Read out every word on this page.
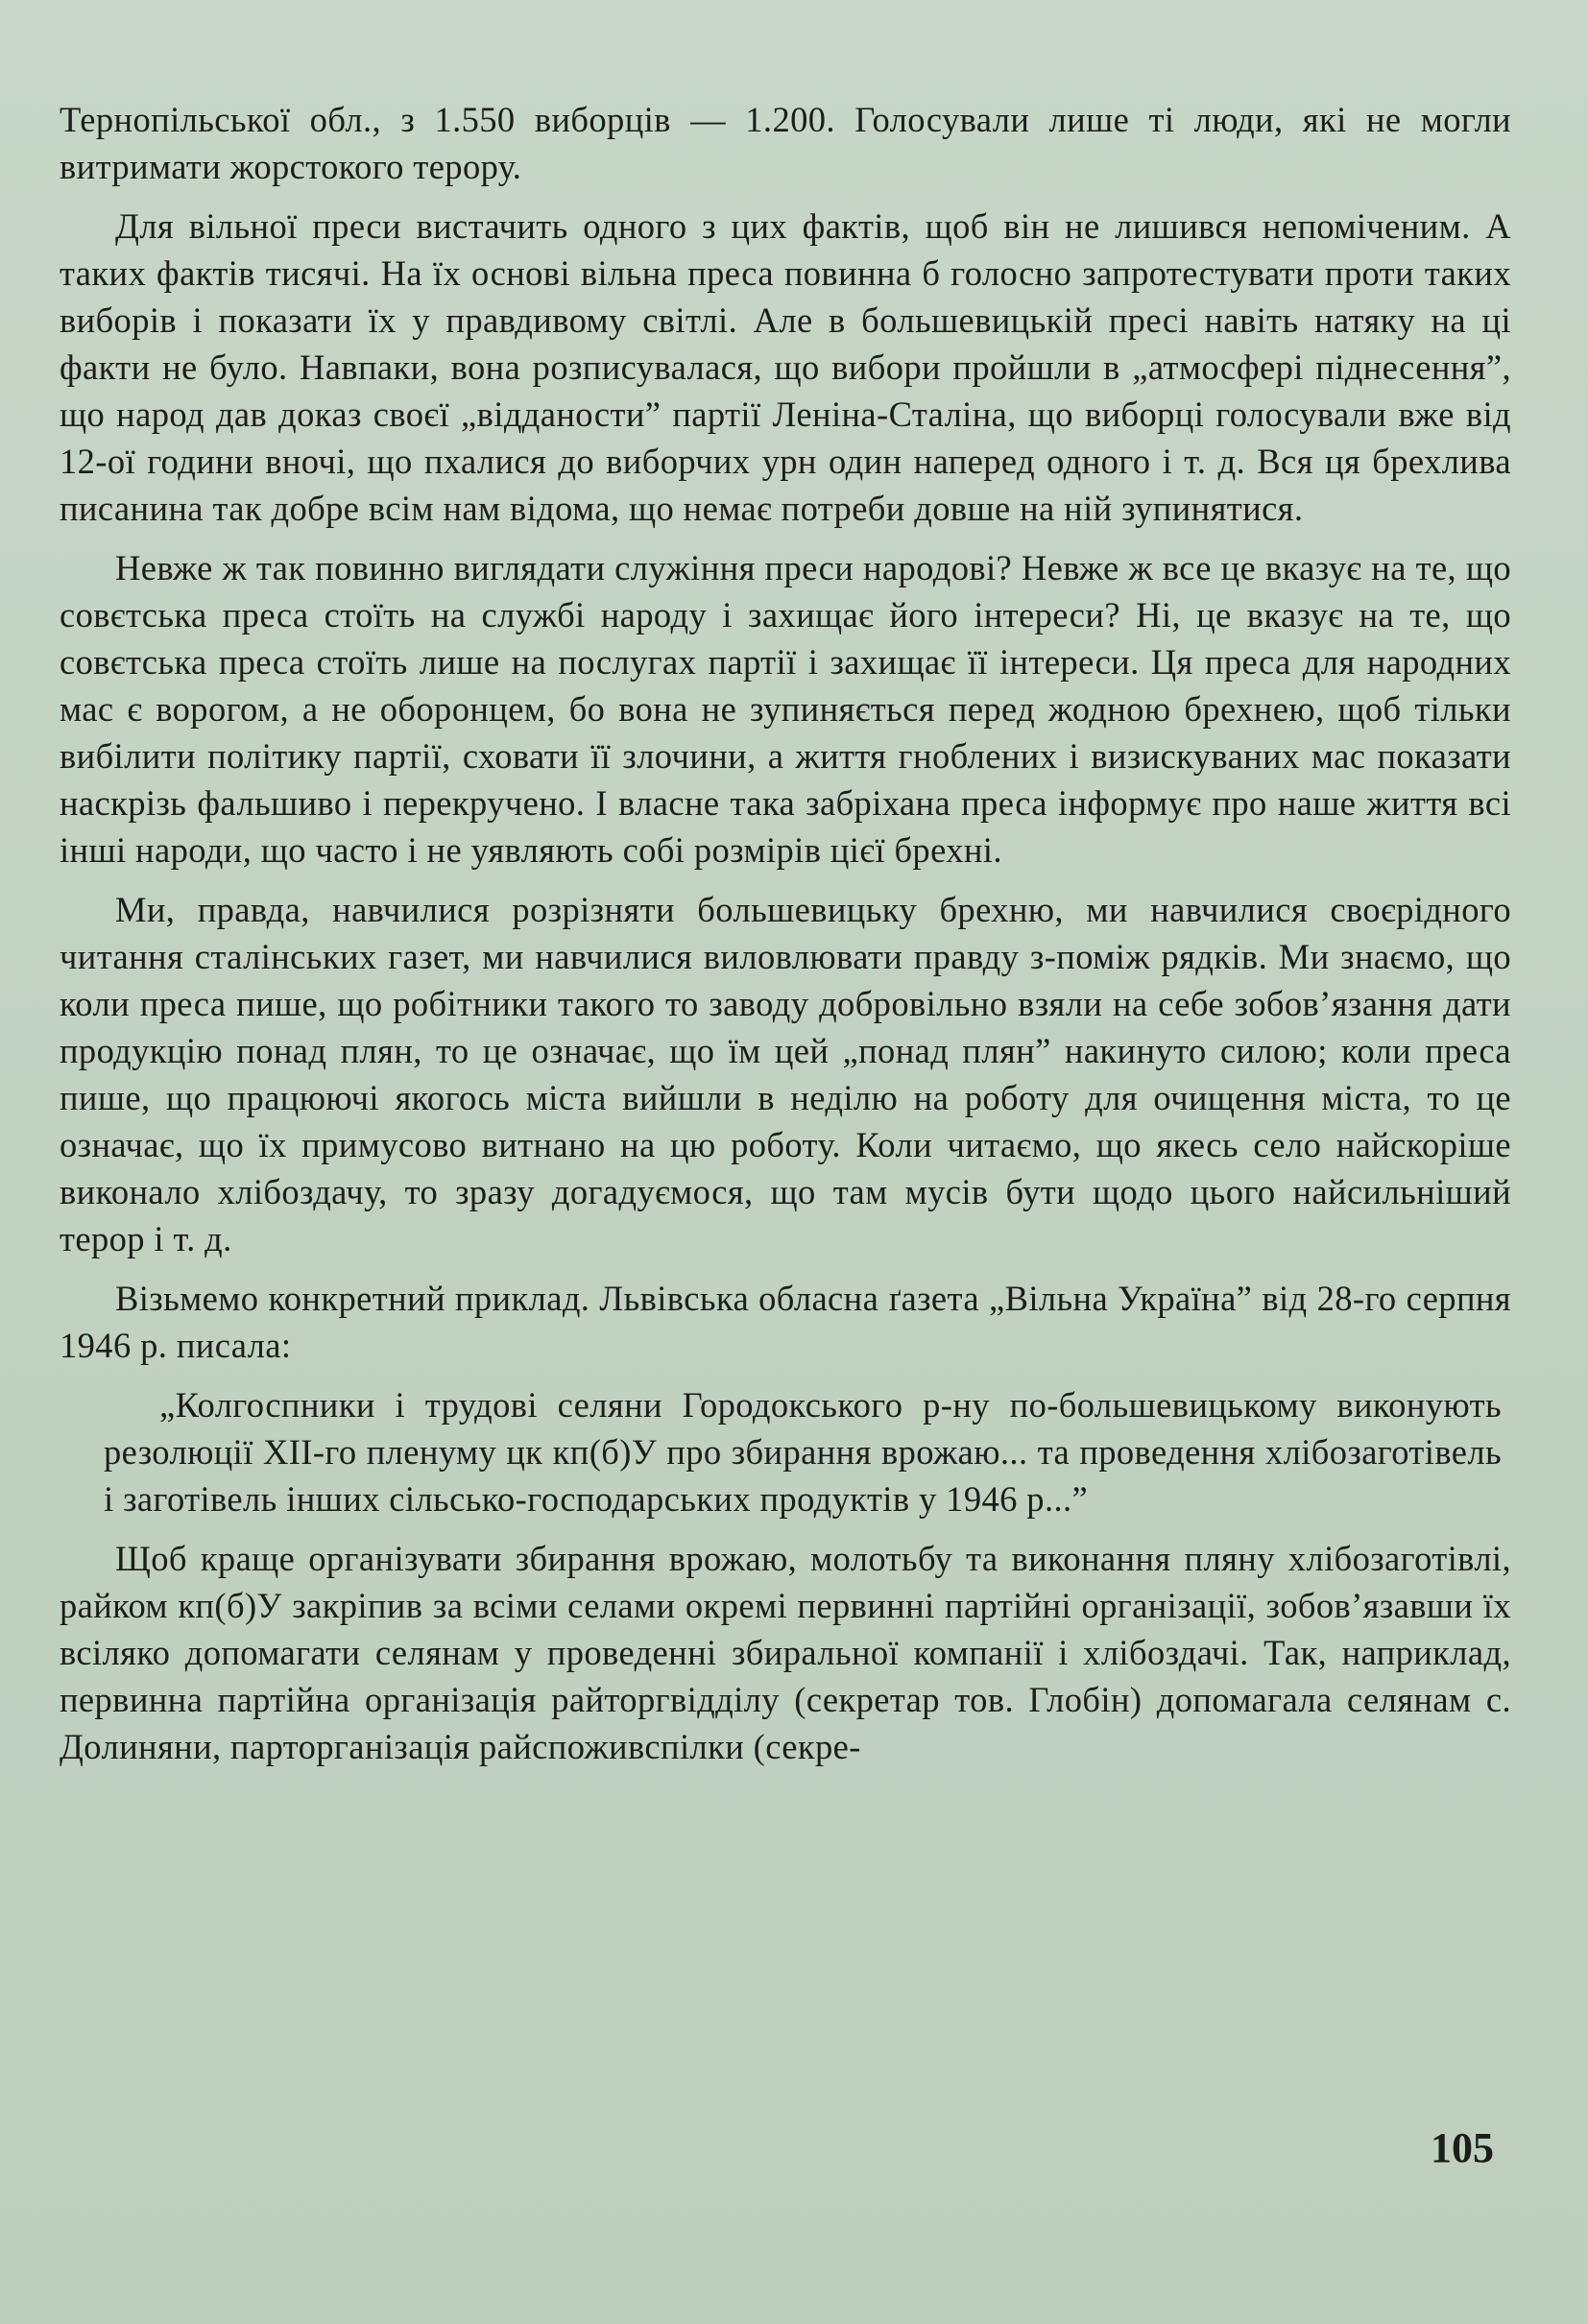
Тернопільської обл., з 1.550 виборців — 1.200. Голосували лише ті люди, які не могли витримати жорстокого терору.

Для вільної преси вистачить одного з цих фактів, щоб він не лишився непоміченим. А таких фактів тисячі. На їх основі вільна преса повинна б голосно запротестувати проти таких виборів і показати їх у правдивому світлі. Але в большевицькій пресі навіть натяку на ці факти не було. Навпаки, вона розписувалася, що вибори пройшли в „атмосфері піднесення”, що народ дав доказ своєї „відданости” партії Леніна-Сталіна, що виборці голосували вже від 12-ої години вночі, що пхалися до виборчих урн один наперед одного і т. д. Вся ця брехлива писанина так добре всім нам відома, що немає потреби довше на ній зупинятися.

Невже ж так повинно виглядати служіння преси народові? Невже ж все це вказує на те, що совєтська преса стоїть на службі народу і захищає його інтереси? Ні, це вказує на те, що совєтська преса стоїть лише на послугах партії і захищає її інтереси. Ця преса для народних мас є ворогом, а не оборонцем, бо вона не зупиняється перед жодною брехнею, щоб тільки вибілити політику партії, сховати її злочини, а життя гноблених і визискуваних мас показати наскрізь фальшиво і перекручено. І власне така забріхана преса інформує про наше життя всі інші народи, що часто і не уявляють собі розмірів цієї брехні.

Ми, правда, навчилися розрізняти большевицьку брехню, ми навчилися своєрідного читання сталінських газет, ми навчилися виловлювати правду з-поміж рядків. Ми знаємо, що коли преса пише, що робітники такого то заводу добровільно взяли на себе зобов’язання дати продукцію понад плян, то це означає, що їм цей „понад плян” накинуто силою; коли преса пише, що працюючі якогось міста вийшли в неділю на роботу для очищення міста, то це означає, що їх примусово витнано на цю роботу. Коли читаємо, що якесь село найскоріше виконало хлібоздачу, то зразу догадуємося, що там мусів бути щодо цього найсильніший терор і т. д.

Візьмемо конкретний приклад. Львівська обласна ґазета „Вільна Україна” від 28-го серпня 1946 р. писала:

„Колгоспники і трудові селяни Городокського р-ну по-большевицькому виконують резолюції XII-го пленуму цк кп(б)У про збирання врожаю... та проведення хлібозаготівель і заготівель інших сільсько-господарських продуктів у 1946 р...”

Щоб краще організувати збирання врожаю, молотьбу та виконання пляну хлібозаготівлі, райком кп(б)У закріпив за всіми селами окремі первинні партійні організації, зобов’язавши їх всіляко допомагати селянам у проведенні збиральної компанії і хлібоздачі. Так, наприклад, первинна партійна організація райторгвідділу (секретар тов. Глобін) допомагала селянам с. Долиняни, парторганізація райспоживспілки (секре-

105
